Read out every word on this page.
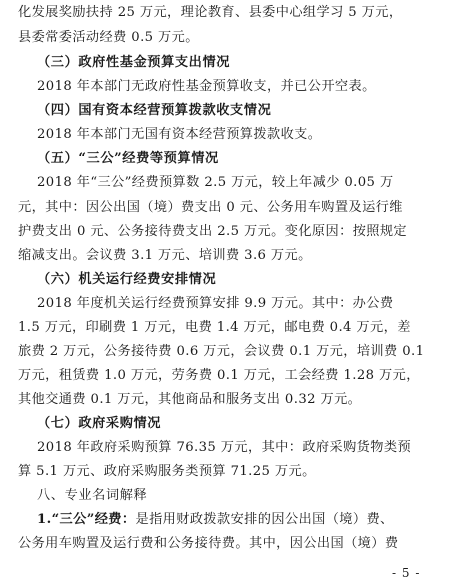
化发展奖励扶持 25 万元，理论教育、县委中心组学习 5 万元，
县委常委活动经费 0.5 万元。
（三）政府性基金预算支出情况
2018 年本部门无政府性基金预算收支，并已公开空表。
（四）国有资本经营预算拨款收支情况
2018 年本部门无国有资本经营预算拨款收支。
（五）“三公”经费等预算情况
2018 年“三公”经费预算数 2.5 万元，较上年减少 0.05 万
元，其中：因公出国（境）费支出 0 元、公务用车购置及运行维
护费支出 0 元、公务接待费支出 2.5 万元。变化原因：按照规定
缩减支出。会议费 3.1 万元、培训费 3.6 万元。
（六）机关运行经费安排情况
2018 年度机关运行经费预算安排 9.9 万元。其中：办公费
1.5 万元，印刷费 1 万元，电费 1.4 万元，邮电费 0.4 万元，差
旅费 2 万元，公务接待费 0.6 万元，会议费 0.1 万元，培训费 0.1
万元，租赁费 1.0 万元，劳务费 0.1 万元，工会经费 1.28 万元，
其他交通费 0.1 万元，其他商品和服务支出 0.32 万元。
（七）政府采购情况
2018 年政府采购预算 76.35 万元，其中：政府采购货物类预
算 5.1 万元、政府采购服务类预算 71.25 万元。
八、专业名词解释
1.“三公”经费：是指用财政拨款安排的因公出国（境）费、
公务用车购置及运行费和公务接待费。其中，因公出国（境）费
- 5 -
